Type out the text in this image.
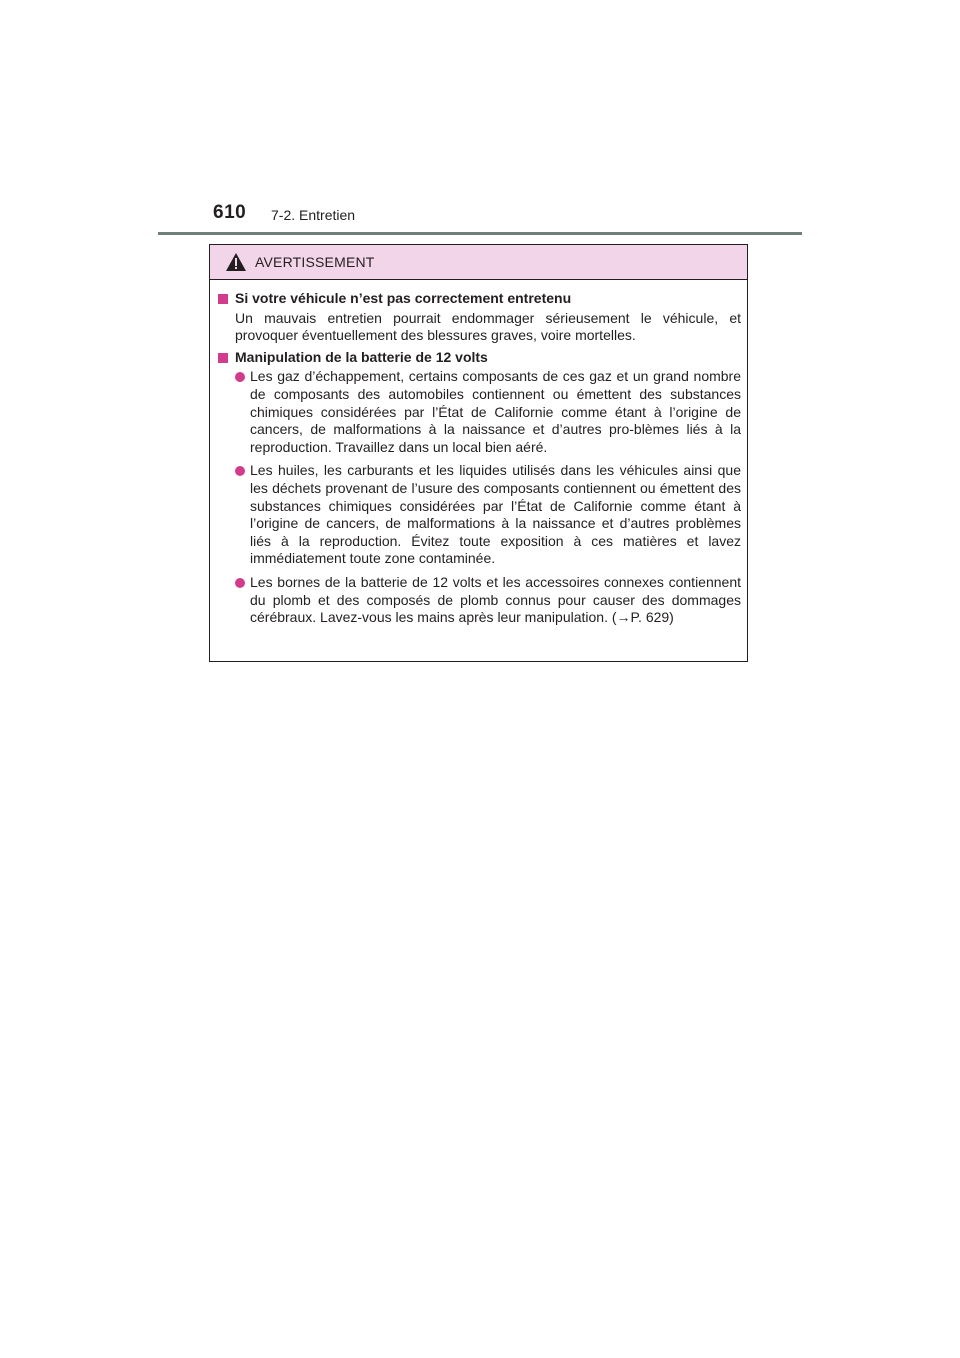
610 7-2. Entretien
AVERTISSEMENT
Si votre véhicule n’est pas correctement entretenu
Un mauvais entretien pourrait endommager sérieusement le véhicule, et provoquer éventuellement des blessures graves, voire mortelles.
Manipulation de la batterie de 12 volts
Les gaz d’échappement, certains composants de ces gaz et un grand nombre de composants des automobiles contiennent ou émettent des substances chimiques considérées par l’État de Californie comme étant à l’origine de cancers, de malformations à la naissance et d’autres pro-blèmes liés à la reproduction. Travaillez dans un local bien aéré.
Les huiles, les carburants et les liquides utilisés dans les véhicules ainsi que les déchets provenant de l’usure des composants contiennent ou émettent des substances chimiques considérées par l’État de Californie comme étant à l’origine de cancers, de malformations à la naissance et d’autres problèmes liés à la reproduction. Évitez toute exposition à ces matières et lavez immédiatement toute zone contaminée.
Les bornes de la batterie de 12 volts et les accessoires connexes contiennent du plomb et des composés de plomb connus pour causer des dommages cérébraux. Lavez-vous les mains après leur manipulation. (→P. 629)
